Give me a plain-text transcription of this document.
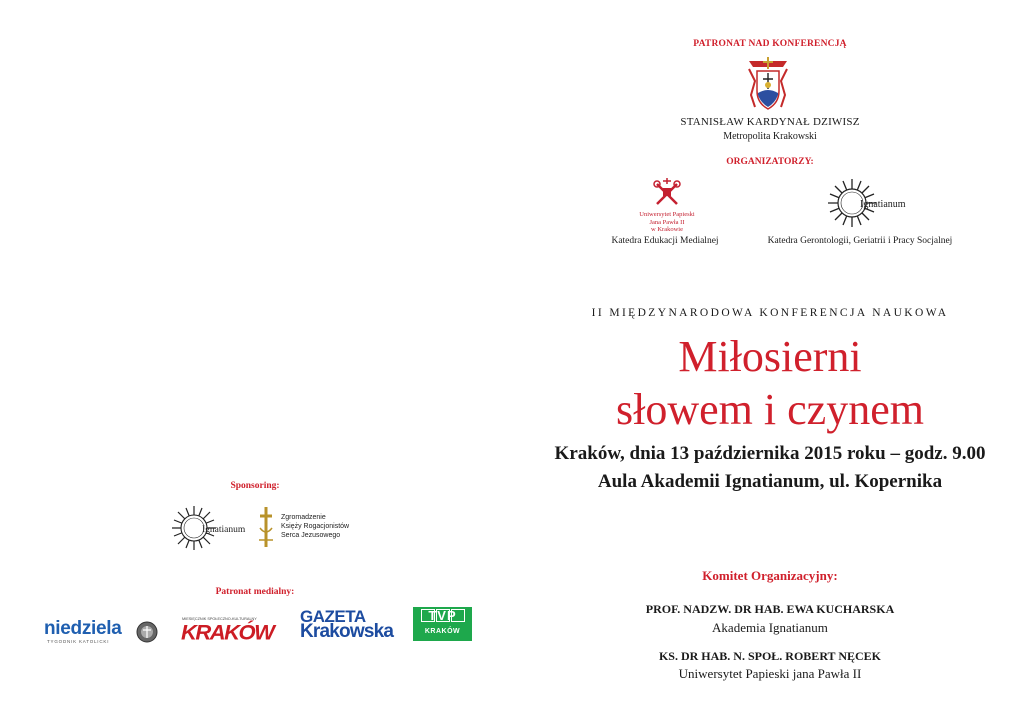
PATRONAT NAD KONFERENCJĄ
STANISŁAW KARDYNAŁ DZIWISZ
Metropolita Krakowski
ORGANIZATORZY:
Uniwersytet Papieski
Jana Pawła II
w Krakowie
Ignatianum
Katedra Edukacji Medialnej	Katedra Gerontologii, Geriatrii i Pracy Socjalnej
II MIĘDZYNARODOWA KONFERENCJA NAUKOWA
Miłosierni
słowem i czynem
Kraków, dnia 13 października 2015 roku – godz. 9.00
Aula Akademii Ignatianum, ul. Kopernika
Komitet Organizacyjny:
PROF. NADZW. DR HAB. EWA KUCHARSKA
Akademia Ignatianum
KS. DR HAB. N. SPOŁ. ROBERT NĘCEK
Uniwersytet Papieski jana Pawła II
Sponsoring:
Ignatianum
Zgromadzenie
Księży Rogacjonistów
Serca Jezusowego
Patronat medialny:
niedziela
TYGODNIK KATOLICKI
MIESIĘCZNIK SPOŁECZNO-KULTURALNY
KRAKÓW
GAZETA
Krakowska
TVP
KRAKÓW
